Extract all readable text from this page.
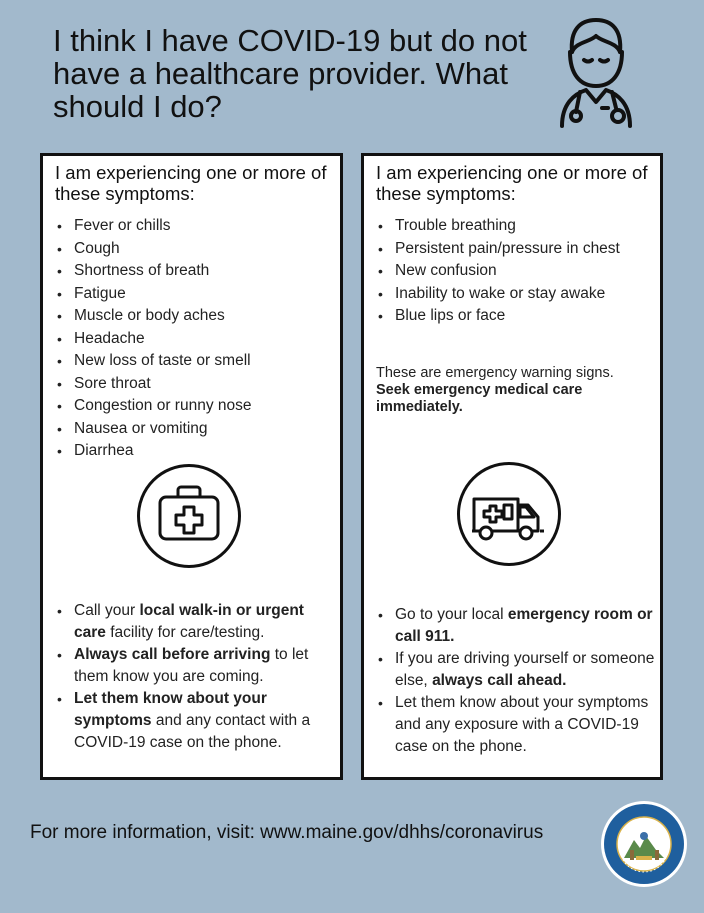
I think I have COVID-19 but do not have a healthcare provider. What should I do?
I am experiencing one or more of these symptoms:
• Fever or chills
• Cough
• Shortness of breath
• Fatigue
• Muscle or body aches
• Headache
• New loss of taste or smell
• Sore throat
• Congestion or runny nose
• Nausea or vomiting
• Diarrhea
• Call your local walk-in or urgent care facility for care/testing.
• Always call before arriving to let them know you are coming.
• Let them know about your symptoms and any contact with a COVID-19 case on the phone.
I am experiencing one or more of these symptoms:
• Trouble breathing
• Persistent pain/pressure in chest
• New confusion
• Inability to wake or stay awake
• Blue lips or face
These are emergency warning signs.
Seek emergency medical care immediately.
• Go to your local emergency room or call 911.
• If you are driving yourself or someone else, always call ahead.
• Let them know about your symptoms and any exposure with a COVID-19 case on the phone.
For more information, visit: www.maine.gov/dhhs/coronavirus
